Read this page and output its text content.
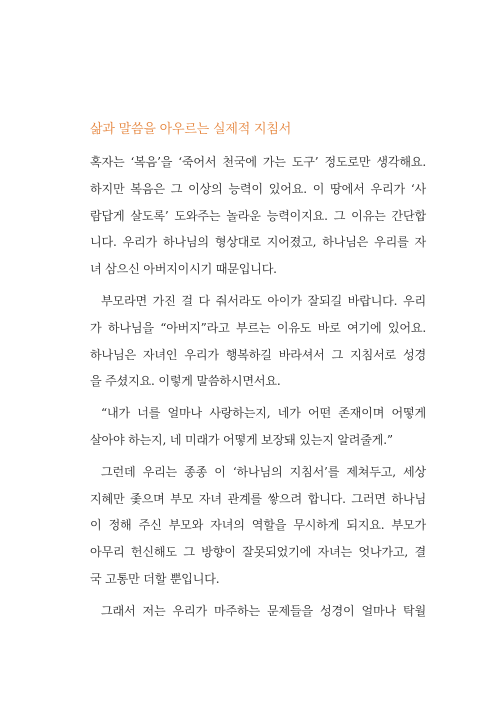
삶과 말씀을 아우르는 실제적 지침서
혹자는 ‘복음’을 ‘죽어서 천국에 가는 도구’ 정도로만 생각해요.
하지만 복음은 그 이상의 능력이 있어요. 이 땅에서 우리가 ‘사
람답게 살도록’ 도와주는 놀라운 능력이지요. 그 이유는 간단합
니다. 우리가 하나님의 형상대로 지어졌고, 하나님은 우리를 자
녀 삼으신 아버지이시기 때문입니다.
부모라면 가진 걸 다 줘서라도 아이가 잘되길 바랍니다. 우리
가 하나님을 “아버지”라고 부르는 이유도 바로 여기에 있어요.
하나님은 자녀인 우리가 행복하길 바라셔서 그 지침서로 성경
을 주셨지요. 이렇게 말씀하시면서요.
“내가 너를 얼마나 사랑하는지, 네가 어떤 존재이며 어떻게
살아야 하는지, 네 미래가 어떻게 보장돼 있는지 알려줄게.”
그런데 우리는 종종 이 ‘하나님의 지침서’를 제쳐두고, 세상
지혜만 좇으며 부모 자녀 관계를 쌓으려 합니다. 그러면 하나님
이 정해 주신 부모와 자녀의 역할을 무시하게 되지요. 부모가
아무리 헌신해도 그 방향이 잘못되었기에 자녀는 엇나가고, 결
국 고통만 더할 뿐입니다.
그래서 저는 우리가 마주하는 문제들을 성경이 얼마나 탁월
